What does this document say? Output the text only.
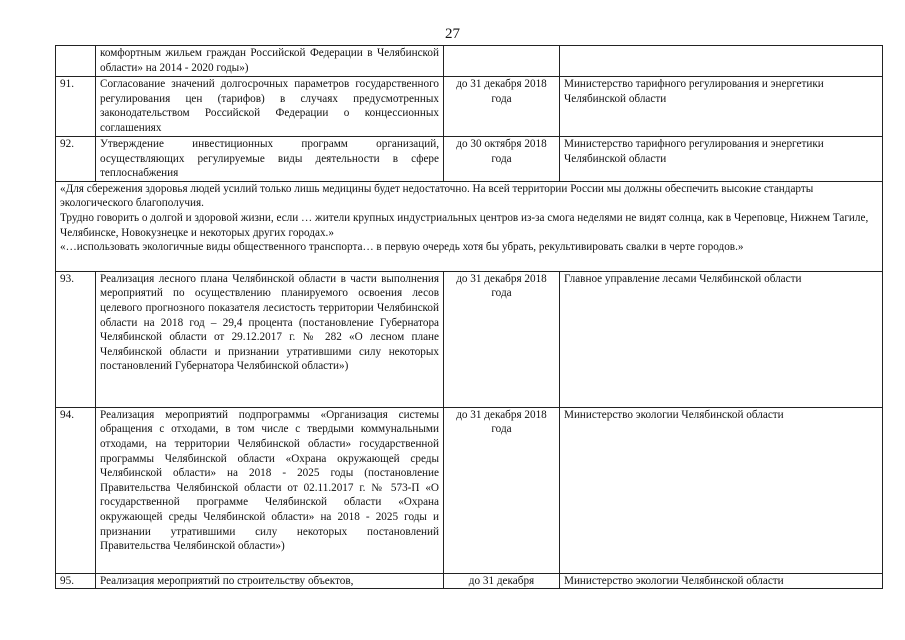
27
	комфортным жильем граждан Российской Федерации в Челябинской области» на 2014 - 2020 годы»)		
91.	Согласование значений долгосрочных параметров государственного регулирования цен (тарифов) в случаях предусмотренных законодательством Российской Федерации о концессионных соглашениях	до 31 декабря 2018 года	Министерство тарифного регулирования и энергетики Челябинской области
92.	Утверждение инвестиционных программ организаций, осуществляющих регулируемые виды деятельности в сфере теплоснабжения	до 30 октября 2018 года	Министерство тарифного регулирования и энергетики Челябинской области

«Для сбережения здоровья людей усилий только лишь медицины будет недостаточно. На всей территории России мы должны обеспечить высокие стандарты экологического благополучия.
Трудно говорить о долгой и здоровой жизни, если … жители крупных индустриальных центров из-за смога неделями не видят солнца, как в Череповце, Нижнем Тагиле, Челябинске, Новокузнецке и некоторых других городах.»
«…использовать экологичные виды общественного транспорта… в первую очередь хотя бы убрать, рекультивировать свалки в черте городов.»			

93.	Реализация лесного плана Челябинской области в части выполнения мероприятий по осуществлению планируемого освоения лесов целевого прогнозного показателя лесистость территории Челябинской области на 2018 год – 29,4 процента (постановление Губернатора Челябинской области от 29.12.2017 г. № 282 «О лесном плане Челябинской области и признании утратившими силу некоторых постановлений Губернатора Челябинской области»)	до 31 декабря 2018 года	Главное управление лесами Челябинской области
94.	Реализация мероприятий подпрограммы «Организация системы обращения с отходами, в том числе с твердыми коммунальными отходами, на территории Челябинской области» государственной программы Челябинской области «Охрана окружающей среды Челябинской области» на 2018 - 2025 годы (постановление Правительства Челябинской области от 02.11.2017 г. № 573-П «О государственной программе Челябинской области «Охрана окружающей среды Челябинской области» на 2018 - 2025 годы и признании утратившими силу некоторых постановлений Правительства Челябинской области»)	до 31 декабря 2018 года	Министерство экологии Челябинской области
95.	Реализация мероприятий по строительству объектов,	до 31 декабря	Министерство экологии Челябинской области
